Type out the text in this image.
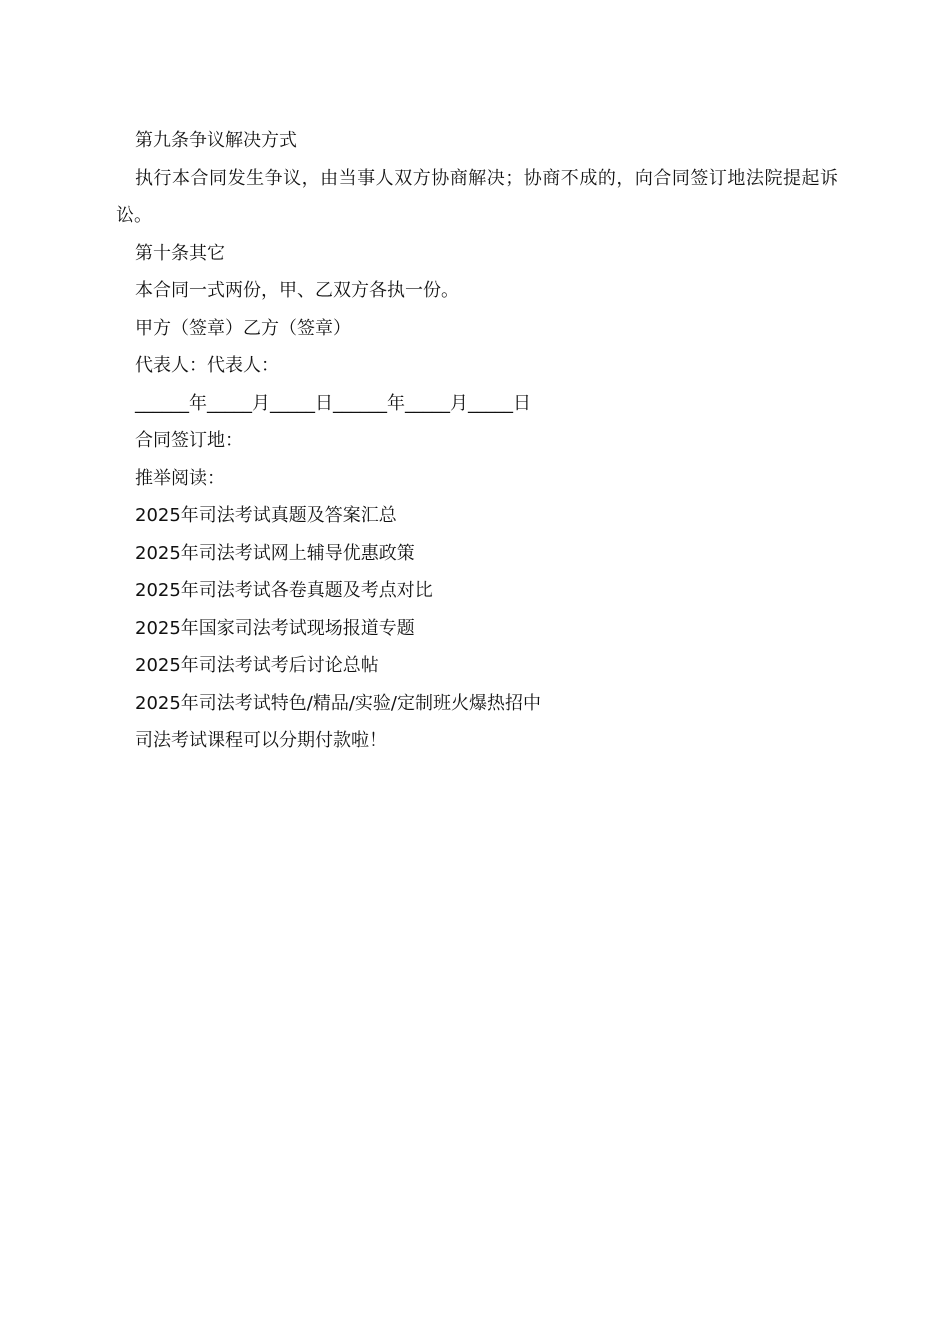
第九条争议解决方式

执行本合同发生争议，由当事人双方协商解决；协商不成的，向合同签订地法院提起诉讼。

第十条其它

本合同一式两份，甲、乙双方各执一份。

甲方（签章）乙方（签章）

代表人：代表人：

______年_____月_____日______年_____月_____日

合同签订地：

推举阅读：

2025年司法考试真题及答案汇总

2025年司法考试网上辅导优惠政策

2025年司法考试各卷真题及考点对比

2025年国家司法考试现场报道专题

2025年司法考试考后讨论总帖

2025年司法考试特色/精品/实验/定制班火爆热招中

司法考试课程可以分期付款啦！
